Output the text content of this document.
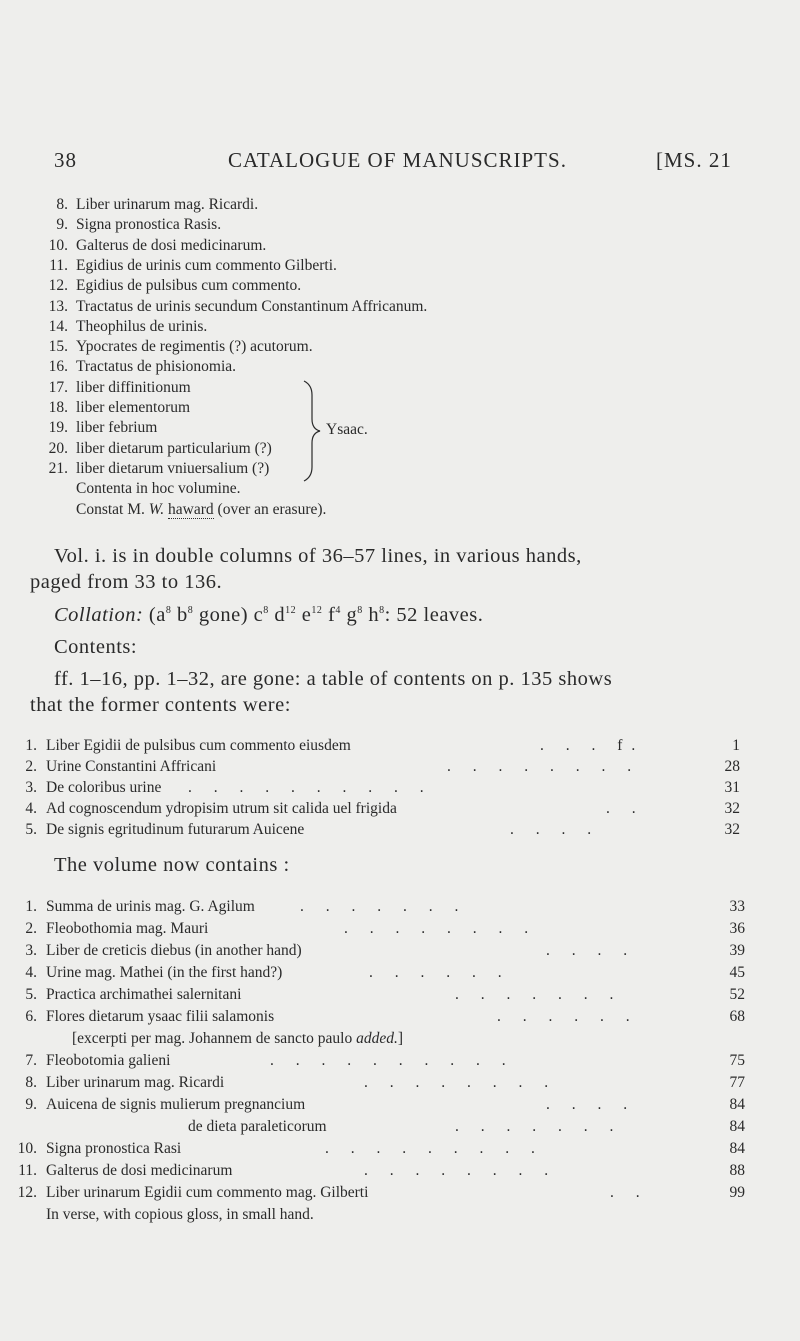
38	CATALOGUE OF MANUSCRIPTS.	[MS. 21
8. Liber urinarum mag. Ricardi.
9. Signa pronostica Rasis.
10. Galterus de dosi medicinarum.
11. Egidius de urinis cum commento Gilberti.
12. Egidius de pulsibus cum commento.
13. Tractatus de urinis secundum Constantinum Affricanum.
14. Theophilus de urinis.
15. Ypocrates de regimentis (?) acutorum.
16. Tractatus de phisionomia.
17. liber diffinitionum
18. liber elementorum
19. liber febrium
20. liber dietarum particularium (?)
21. liber dietarum vniuersalium (?)
Contenta in hoc volumine.
Constat M. W. haward (over an erasure).
Ysaac.
Vol. i. is in double columns of 36–57 lines, in various hands,
paged from 33 to 136.
Collation: ($a^8$ $b^8$ gone) $c^8$ $d^{12}$ $e^{12}$ $f^4$ $g^8$ $h^8$: 52 leaves.
Contents:
ff. 1–16, pp. 1–32, are gone: a table of contents on p. 135 shows
that the former contents were:
1. Liber Egidii de pulsibus cum commento eiusdem	. . . f.	1
2. Urine Constantini Affricani	. . . . . . . .	28
3. De coloribus urine . . . . . . . . . .	31
4. Ad cognoscendum ydropisim utrum sit calida uel frigida	. .	32
5. De signis egritudinum futurarum Auicene	. . . .	32
The volume now contains :
1. Summa de urinis mag. G. Agilum	. . . . . . .	33
2. Fleobothomia mag. Mauri	. . . . . . . .	36
3. Liber de creticis diebus (in another hand)	. . . .	39
4. Urine mag. Mathei (in the first hand?)	. . . . . .	45
5. Practica archimathei salernitani	. . . . . . .	52
6. Flores dietarum ysaac filii salamonis	. . . . . .	68
[excerpti per mag. Johannem de sancto paulo added.]
7. Fleobotomia galieni	. . . . . . . . . .	75
8. Liber urinarum mag. Ricardi	. . . . . . . .	77
9. Auicena de signis mulierum pregnancium	. . . .	84
de dieta paraleticorum	. . . . . . .	84
10. Signa pronostica Rasi	. . . . . . . . .	84
11. Galterus de dosi medicinarum	. . . . . . . .	88
12. Liber urinarum Egidii cum commento mag. Gilberti	. .	99
In verse, with copious gloss, in small hand.
